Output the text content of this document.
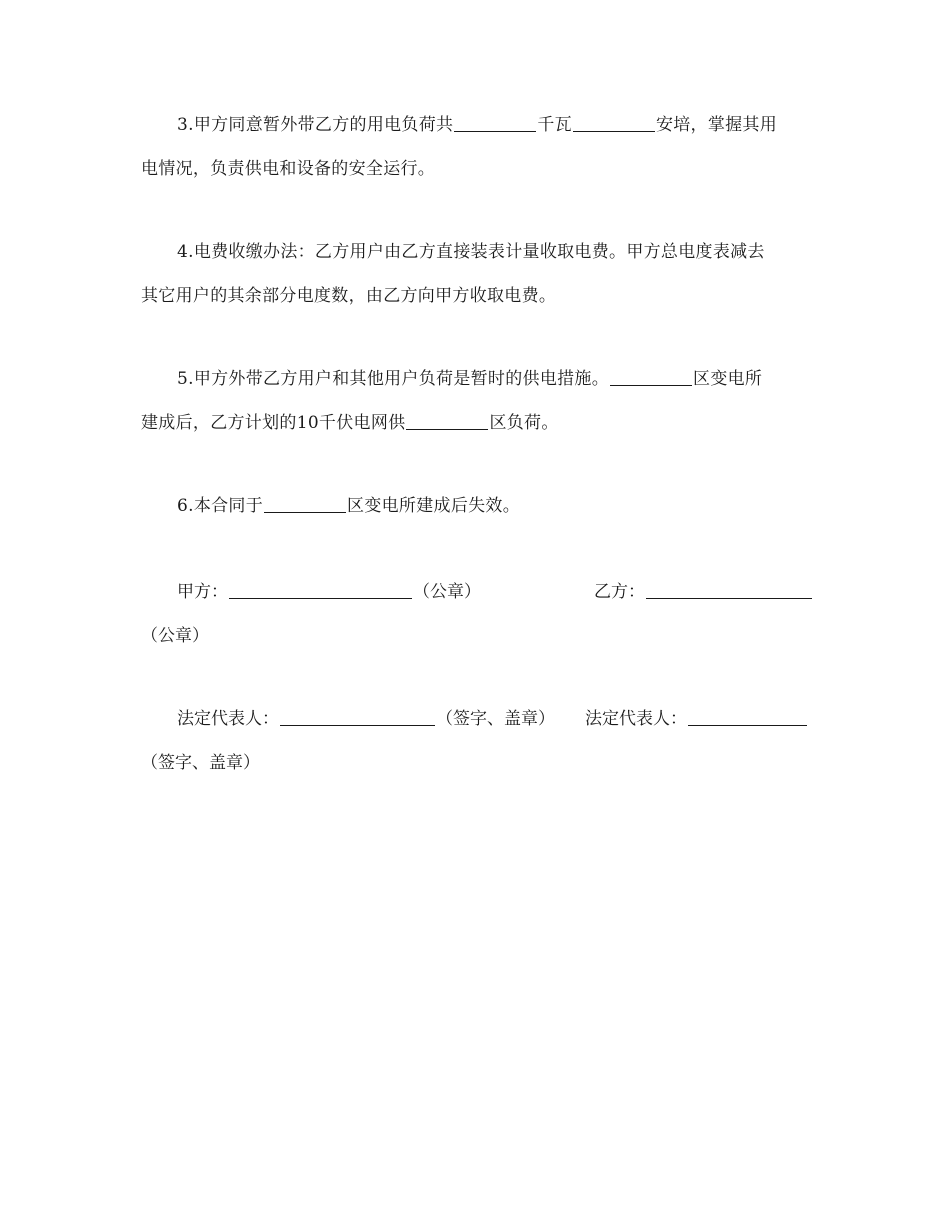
3.甲方同意暂外带乙方的用电负荷共	千瓦	安培，掌握其用
电情况，负责供电和设备的安全运行。
4.电费收缴办法：乙方用户由乙方直接装表计量收取电费。甲方总电度表减去
其它用户的其余部分电度数，由乙方向甲方收取电费。
5.甲方外带乙方用户和其他用户负荷是暂时的供电措施。	区变电所
建成后，乙方计划的10千伏电网供	区负荷。
6.本合同于	区变电所建成后失效。
甲方：	（公章）	乙方：
（公章）
法定代表人：	（签字、盖章） 法定代表人：
（签字、盖章）
